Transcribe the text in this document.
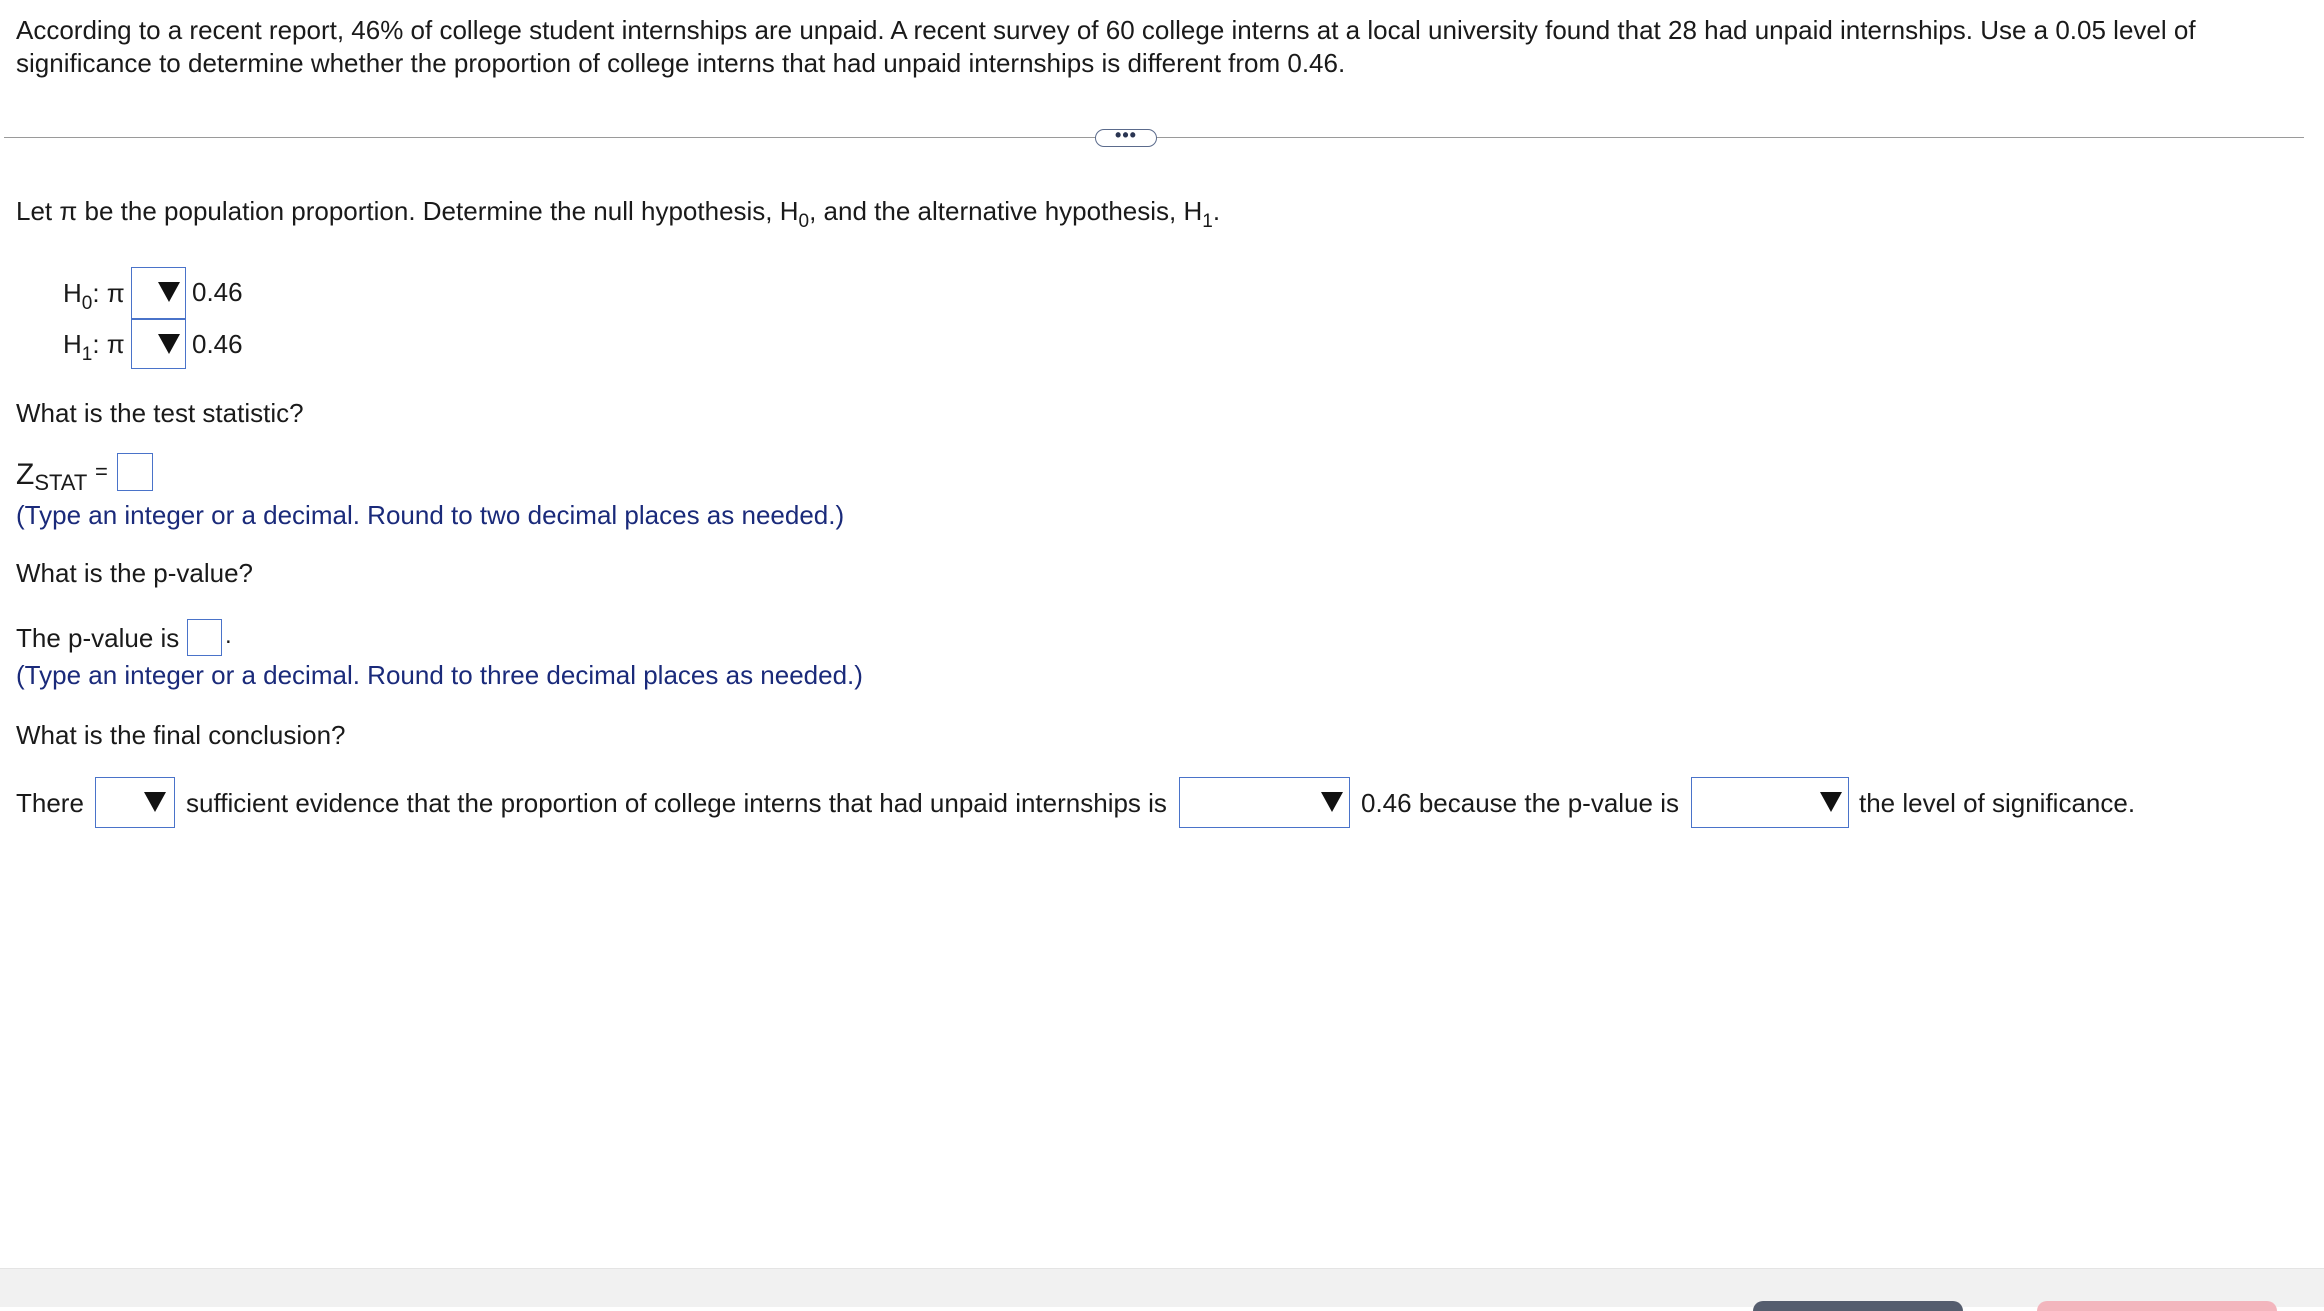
According to a recent report, 46% of college student internships are unpaid. A recent survey of 60 college interns at a local university found that 28 had unpaid internships. Use a 0.05 level of significance to determine whether the proportion of college interns that had unpaid internships is different from 0.46.
•••
Let π be the population proportion. Determine the null hypothesis, $H_0$, and the alternative hypothesis, $H_1$.
$H_0$: π	0.46
$H_1$: π	0.46
What is the test statistic?
$Z_{STAT}$ =
(Type an integer or a decimal. Round to two decimal places as needed.)
What is the p-value?
The p-value is .
(Type an integer or a decimal. Round to three decimal places as needed.)
What is the final conclusion?
There	sufficient evidence that the proportion of college interns that had unpaid internships is	0.46 because the p-value is	the level of significance.
